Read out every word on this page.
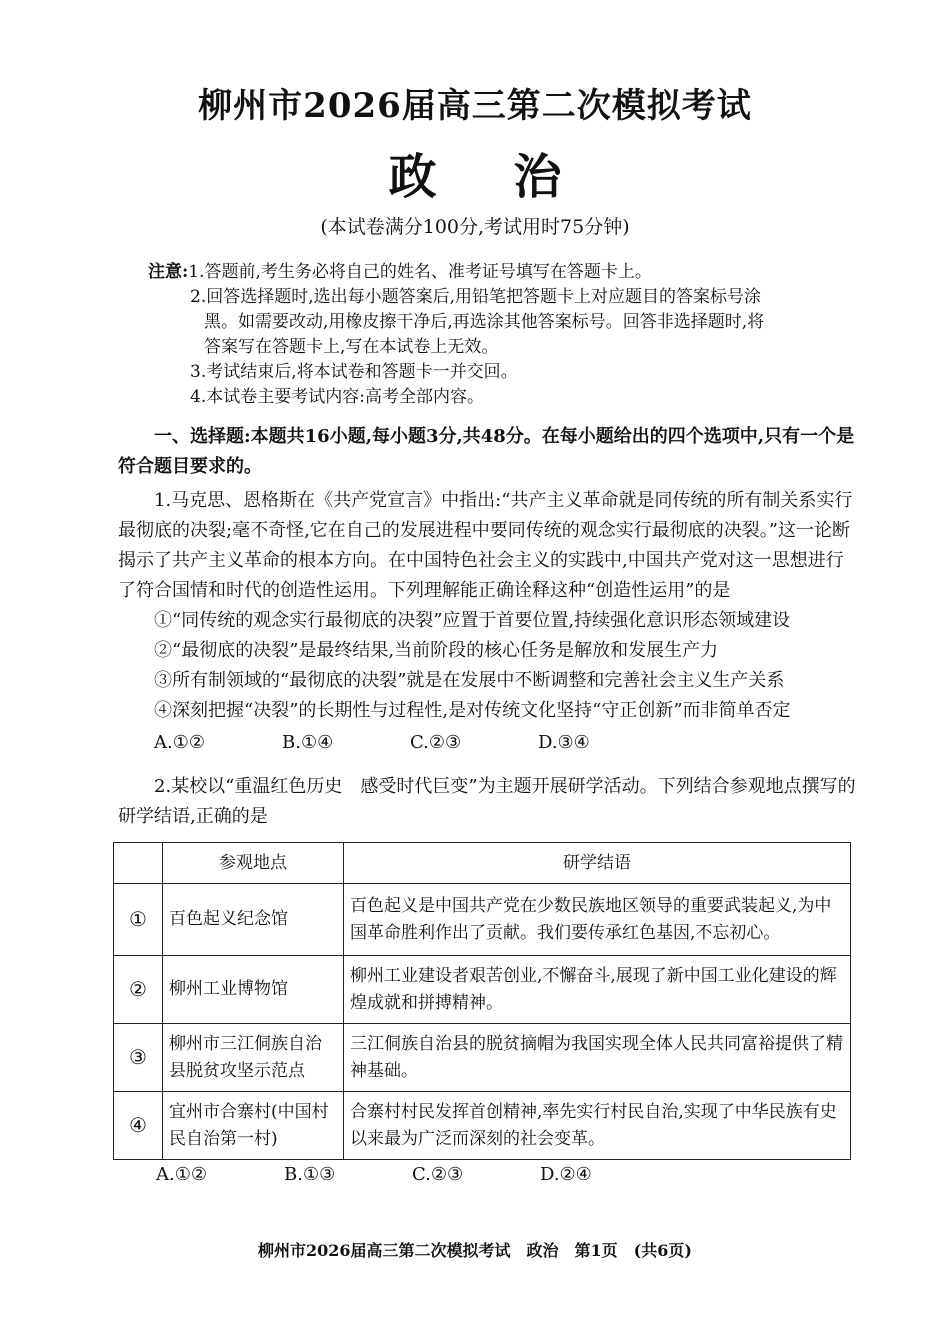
柳州市2026届高三第二次模拟考试
政 治
(本试卷满分100分,考试用时75分钟)
注意:1.答题前,考生务必将自己的姓名、准考证号填写在答题卡上。
2.回答选择题时,选出每小题答案后,用铅笔把答题卡上对应题目的答案标号涂
黑。如需要改动,用橡皮擦干净后,再选涂其他答案标号。回答非选择题时,将
答案写在答题卡上,写在本试卷上无效。
3.考试结束后,将本试卷和答题卡一并交回。
4.本试卷主要考试内容:高考全部内容。
一、选择题:本题共16小题,每小题3分,共48分。在每小题给出的四个选项中,只有一个是符合题目要求的。
1.马克思、恩格斯在《共产党宣言》中指出:“共产主义革命就是同传统的所有制关系实行最彻底的决裂;毫不奇怪,它在自己的发展进程中要同传统的观念实行最彻底的决裂。”这一论断揭示了共产主义革命的根本方向。在中国特色社会主义的实践中,中国共产党对这一思想进行了符合国情和时代的创造性运用。下列理解能正确诠释这种“创造性运用”的是
①“同传统的观念实行最彻底的决裂”应置于首要位置,持续强化意识形态领域建设
②“最彻底的决裂”是最终结果,当前阶段的核心任务是解放和发展生产力
③所有制领域的“最彻底的决裂”就是在发展中不断调整和完善社会主义生产关系
④深刻把握“决裂”的长期性与过程性,是对传统文化坚持“守正创新”而非简单否定
A.①②	B.①④	C.②③	D.③④
2.某校以“重温红色历史　感受时代巨变”为主题开展研学活动。下列结合参观地点撰写的研学结语,正确的是
	参观地点	研学结语
①	百色起义纪念馆	百色起义是中国共产党在少数民族地区领导的重要武装起义,为中国革命胜利作出了贡献。我们要传承红色基因,不忘初心。
②	柳州工业博物馆	柳州工业建设者艰苦创业,不懈奋斗,展现了新中国工业化建设的辉煌成就和拼搏精神。
③	柳州市三江侗族自治县脱贫攻坚示范点	三江侗族自治县的脱贫摘帽为我国实现全体人民共同富裕提供了精神基础。
④	宜州市合寨村(中国村民自治第一村)	合寨村村民发挥首创精神,率先实行村民自治,实现了中华民族有史以来最为广泛而深刻的社会变革。
A.①②	B.①③	C.②③	D.②④
柳州市2026届高三第二次模拟考试　政治　第1页　(共6页)
